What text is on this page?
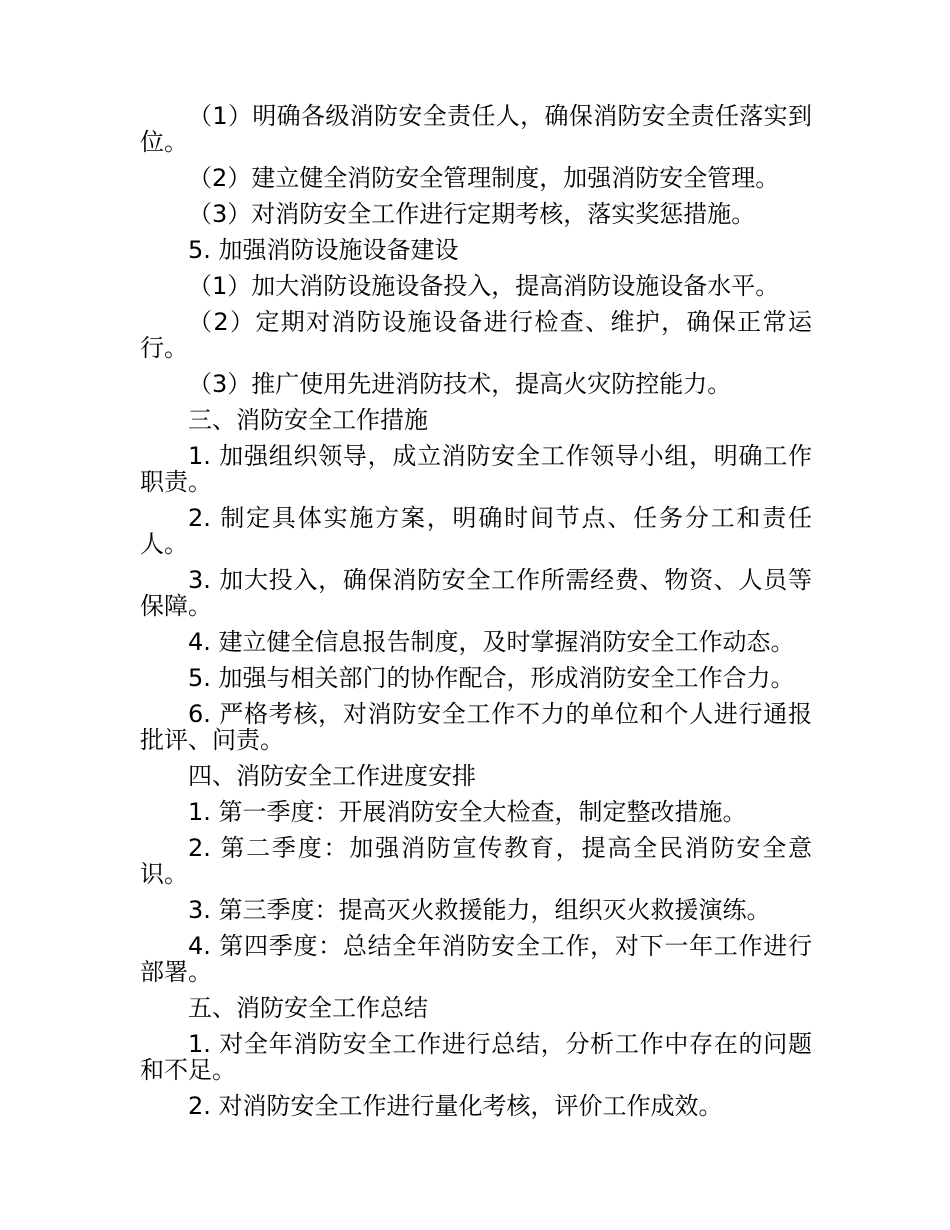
（1）明确各级消防安全责任人，确保消防安全责任落实到位。

（2）建立健全消防安全管理制度，加强消防安全管理。

（3）对消防安全工作进行定期考核，落实奖惩措施。

5. 加强消防设施设备建设

（1）加大消防设施设备投入，提高消防设施设备水平。

（2）定期对消防设施设备进行检查、维护，确保正常运行。

（3）推广使用先进消防技术，提高火灾防控能力。

三、消防安全工作措施

1. 加强组织领导，成立消防安全工作领导小组，明确工作职责。

2. 制定具体实施方案，明确时间节点、任务分工和责任人。

3. 加大投入，确保消防安全工作所需经费、物资、人员等保障。

4. 建立健全信息报告制度，及时掌握消防安全工作动态。

5. 加强与相关部门的协作配合，形成消防安全工作合力。

6. 严格考核，对消防安全工作不力的单位和个人进行通报批评、问责。

四、消防安全工作进度安排

1. 第一季度：开展消防安全大检查，制定整改措施。

2. 第二季度：加强消防宣传教育，提高全民消防安全意识。

3. 第三季度：提高灭火救援能力，组织灭火救援演练。

4. 第四季度：总结全年消防安全工作，对下一年工作进行部署。

五、消防安全工作总结

1. 对全年消防安全工作进行总结，分析工作中存在的问题和不足。

2. 对消防安全工作进行量化考核，评价工作成效。
